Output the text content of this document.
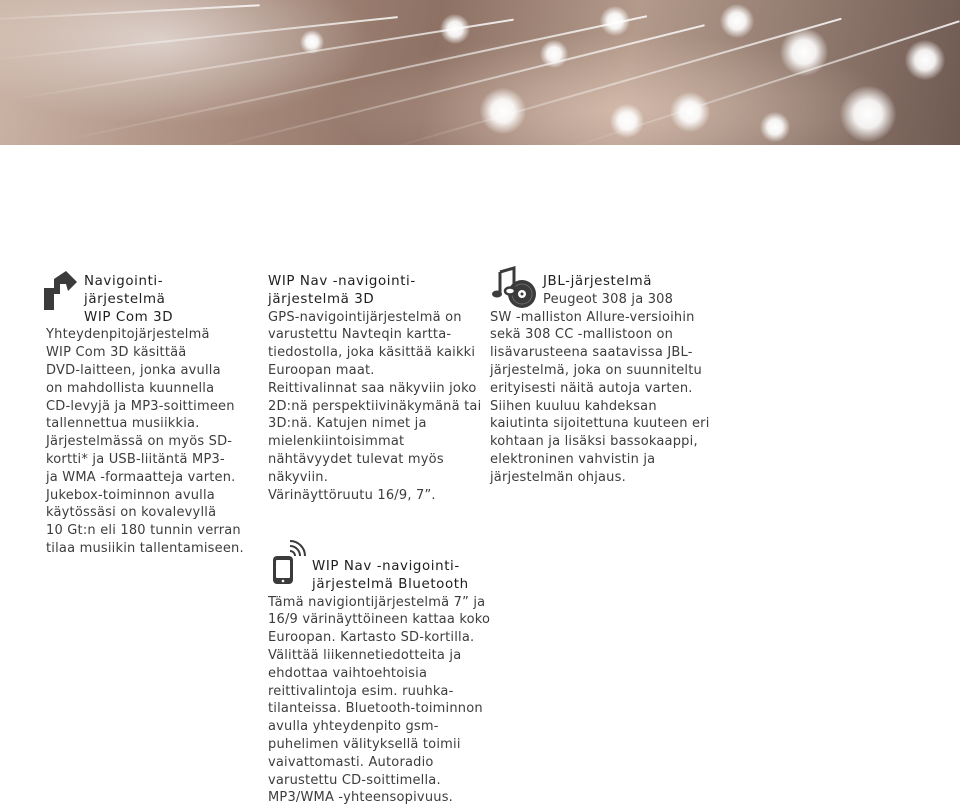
Navigointi-
järjestelmä
WIP Com 3D
Yhteydenpitojärjestelmä
WIP Com 3D käsittää
DVD-laitteen, jonka avulla
on mahdollista kuunnella
CD-levyjä ja MP3-soittimeen
tallennettua musiikkia.
Järjestelmässä on myös SD-
kortti* ja USB-liitäntä MP3-
ja WMA -formaatteja varten.
Jukebox-toiminnon avulla
käytössäsi on kovalevyllä
10 Gt:n eli 180 tunnin verran
tilaa musiikin tallentamiseen.
WIP Nav -navigointi-
järjestelmä 3D
GPS-navigointijärjestelmä on
varustettu Navteqin kartta-
tiedostolla, joka käsittää kaikki
Euroopan maat.
Reittivalinnat saa näkyviin joko
2D:nä perspektiivinäkymänä tai
3D:nä. Katujen nimet ja
mielenkiintoisimmat
nähtävyydet tulevat myös
näkyviin.
Värinäyttöruutu 16/9, 7”.
JBL-järjestelmä
Peugeot 308 ja 308
SW -malliston Allure-versioihin
sekä 308 CC -mallistoon on
lisävarusteena saatavissa JBL-
järjestelmä, joka on suunniteltu
erityisesti näitä autoja varten.
Siihen kuuluu kahdeksan
kaiutinta sijoitettuna kuuteen eri
kohtaan ja lisäksi bassokaappi,
elektroninen vahvistin ja
järjestelmän ohjaus.
WIP Nav -navigointi-
järjestelmä Bluetooth
Tämä navigiontijärjestelmä 7” ja
16/9 värinäyttöineen kattaa koko
Euroopan. Kartasto SD-kortilla.
Välittää liikennetiedotteita ja
ehdottaa vaihtoehtoisia
reittivalintoja esim. ruuhka-
tilanteissa. Bluetooth-toiminnon
avulla yhteydenpito gsm-
puhelimen välityksellä toimii
vaivattomasti. Autoradio
varustettu CD-soittimella.
MP3/WMA -yhteensopivuus.
